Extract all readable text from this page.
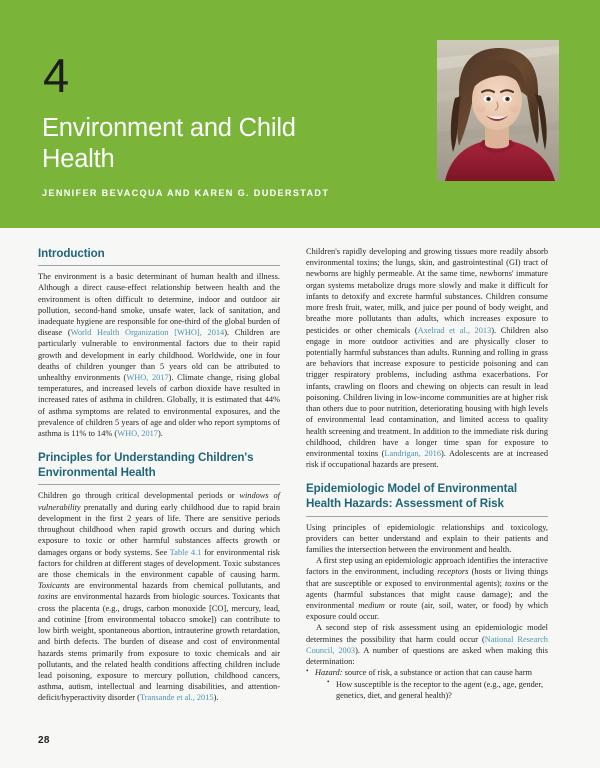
4
Environment and Child Health
JENNIFER BEVACQUA AND KAREN G. DUDERSTADT
Introduction

The environment is a basic determinant of human health and illness. Although a direct cause-effect relationship between health and the environment is often difficult to determine, indoor and outdoor air pollution, second-hand smoke, unsafe water, lack of sanitation, and inadequate hygiene are responsible for one-third of the global burden of disease (World Health Organization [WHO], 2014). Children are particularly vulnerable to environmental factors due to their rapid growth and development in early childhood. Worldwide, one in four deaths of children younger than 5 years old can be attributed to unhealthy environments (WHO, 2017). Climate change, rising global temperatures, and increased levels of carbon dioxide have resulted in increased rates of asthma in children. Globally, it is estimated that 44% of asthma symptoms are related to environmental exposures, and the prevalence of children 5 years of age and older who report symptoms of asthma is 11% to 14% (WHO, 2017).

Principles for Understanding Children's Environmental Health

Children go through critical developmental periods or windows of vulnerability prenatally and during early childhood due to rapid brain development in the first 2 years of life. There are sensitive periods throughout childhood when rapid growth occurs and during which exposure to toxic or other harmful substances affects growth or damages organs or body systems. See Table 4.1 for environmental risk factors for children at different stages of development. Toxic substances are those chemicals in the environment capable of causing harm. Toxicants are environmental hazards from chemical pollutants, and toxins are environmental hazards from biologic sources. Toxicants that cross the placenta (e.g., drugs, carbon monoxide [CO], mercury, lead, and cotinine [from environmental tobacco smoke]) can contribute to low birth weight, spontaneous abortion, intrauterine growth retardation, and birth defects. The burden of disease and cost of environmental hazards stems primarily from exposure to toxic chemicals and air pollutants, and the related health conditions affecting children include lead poisoning, exposure to mercury pollution, childhood cancers, asthma, autism, intellectual and learning disabilities, and attention-deficit/hyperactivity disorder (Transande et al., 2015).

Children's rapidly developing and growing tissues more readily absorb environmental toxins; the lungs, skin, and gastrointestinal (GI) tract of newborns are highly permeable. At the same time, newborns' immature organ systems metabolize drugs more slowly and make it difficult for infants to detoxify and excrete harmful substances. Children consume more fresh fruit, water, milk, and juice per pound of body weight, and breathe more pollutants than adults, which increases exposure to pesticides or other chemicals (Axelrad et al., 2013). Children also engage in more outdoor activities and are physically closer to potentially harmful substances than adults. Running and rolling in grass are behaviors that increase exposure to pesticide poisoning and can trigger respiratory problems, including asthma exacerbations. For infants, crawling on floors and chewing on objects can result in lead poisoning. Children living in low-income communities are at higher risk than others due to poor nutrition, deteriorating housing with high levels of environmental lead contamination, and limited access to quality health screening and treatment. In addition to the immediate risk during childhood, children have a longer time span for exposure to environmental toxins (Landrigan, 2016). Adolescents are at increased risk if occupational hazards are present.

Epidemiologic Model of Environmental Health Hazards: Assessment of Risk

Using principles of epidemiologic relationships and toxicology, providers can better understand and explain to their patients and families the intersection between the environment and health.

A first step using an epidemiologic approach identifies the interactive factors in the environment, including receptors (hosts or living things that are susceptible or exposed to environmental agents); toxins or the agents (harmful substances that might cause damage); and the environmental medium or route (air, soil, water, or food) by which exposure could occur.

A second step of risk assessment using an epidemiologic model determines the possibility that harm could occur (National Research Council, 2003). A number of questions are asked when making this determination:

• Hazard: source of risk, a substance or action that can cause harm
• How susceptible is the receptor to the agent (e.g., age, gender, genetics, diet, and general health)?
28
